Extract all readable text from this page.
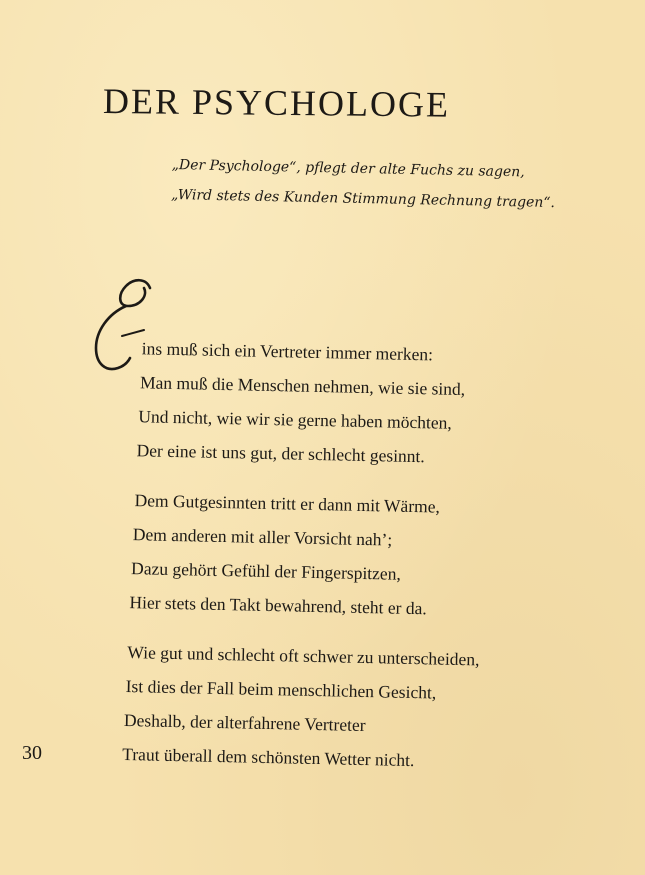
DER PSYCHOLOGE
„Der Psychologe“, pflegt der alte Fuchs zu sagen,
„Wird stets des Kunden Stimmung Rechnung tragen“.
ins muß sich ein Vertreter immer merken:
Man muß die Menschen nehmen, wie sie sind,
Und nicht, wie wir sie gerne haben möchten,
Der eine ist uns gut, der schlecht gesinnt.
Dem Gutgesinnten tritt er dann mit Wärme,
Dem anderen mit aller Vorsicht nah’;
Dazu gehört Gefühl der Fingerspitzen,
Hier stets den Takt bewahrend, steht er da.
Wie gut und schlecht oft schwer zu unterscheiden,
Ist dies der Fall beim menschlichen Gesicht,
Deshalb, der alterfahrene Vertreter
Traut überall dem schönsten Wetter nicht.
30
